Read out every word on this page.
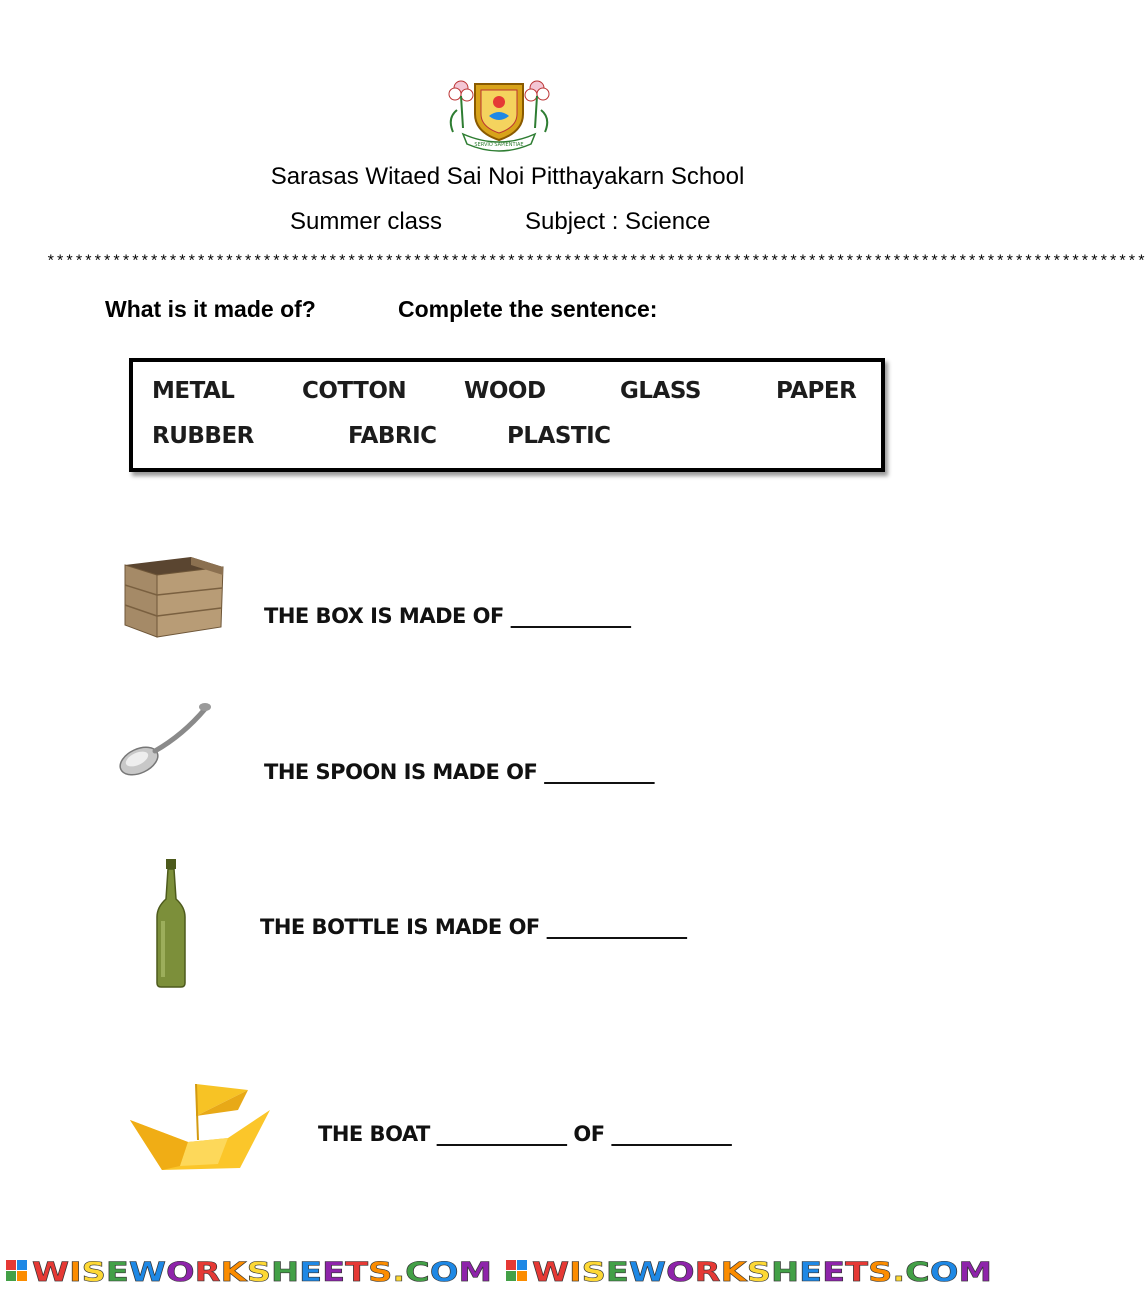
SERVIO SAPIENTIAE
Sarasas Witaed Sai Noi Pitthayakarn School
Summer class	Subject : Science
*********************************************************************************************************************
What is it made of?	Complete the sentence:
METAL	COTTON	WOOD	GLASS	PAPER
RUBBER	FABRIC	PLASTIC
THE BOX IS MADE OF ____________
THE SPOON IS MADE OF ___________
THE BOTTLE IS MADE OF ______________
THE BOAT _____________ OF ____________
W IS E W O R K S H E E T S .C O M W IS E W O R K S H E E T S .C O M
